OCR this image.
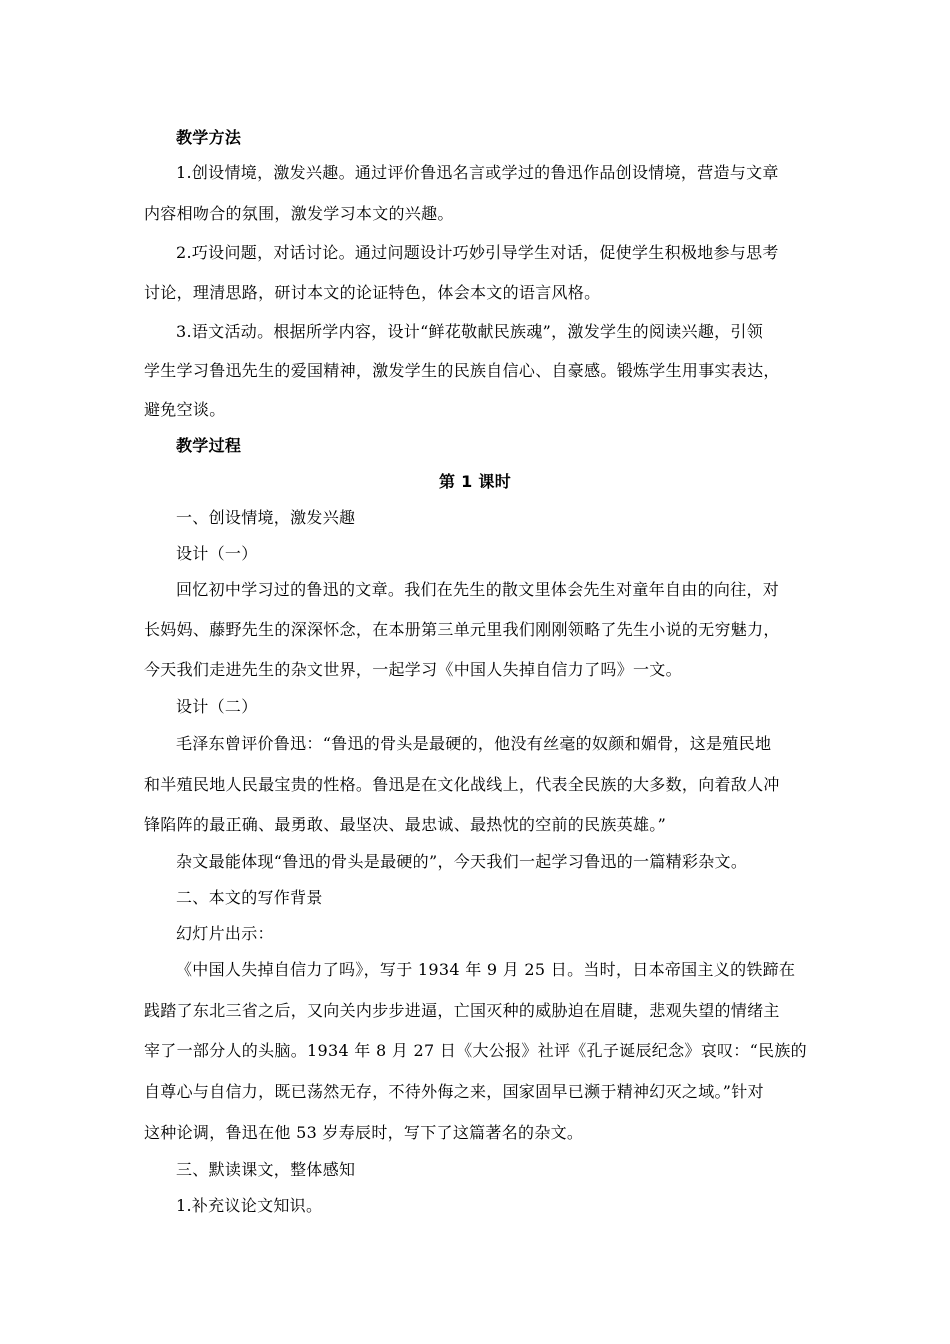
教学方法
1.创设情境，激发兴趣。通过评价鲁迅名言或学过的鲁迅作品创设情境，营造与文章
内容相吻合的氛围，激发学习本文的兴趣。
2.巧设问题，对话讨论。通过问题设计巧妙引导学生对话，促使学生积极地参与思考
讨论，理清思路，研讨本文的论证特色，体会本文的语言风格。
3.语文活动。根据所学内容，设计“鲜花敬献民族魂”，激发学生的阅读兴趣，引领
学生学习鲁迅先生的爱国精神，激发学生的民族自信心、自豪感。锻炼学生用事实表达，
避免空谈。
教学过程
第 1 课时
一、创设情境，激发兴趣
设计（一）
回忆初中学习过的鲁迅的文章。我们在先生的散文里体会先生对童年自由的向往，对
长妈妈、藤野先生的深深怀念，在本册第三单元里我们刚刚领略了先生小说的无穷魅力，
今天我们走进先生的杂文世界，一起学习《中国人失掉自信力了吗》一文。
设计（二）
毛泽东曾评价鲁迅：“鲁迅的骨头是最硬的，他没有丝毫的奴颜和媚骨，这是殖民地
和半殖民地人民最宝贵的性格。鲁迅是在文化战线上，代表全民族的大多数，向着敌人冲
锋陷阵的最正确、最勇敢、最坚决、最忠诚、最热忱的空前的民族英雄。”
杂文最能体现“鲁迅的骨头是最硬的”，今天我们一起学习鲁迅的一篇精彩杂文。
二、本文的写作背景
幻灯片出示：
《中国人失掉自信力了吗》，写于 1934 年 9 月 25 日。当时，日本帝国主义的铁蹄在
践踏了东北三省之后，又向关内步步进逼，亡国灭种的威胁迫在眉睫，悲观失望的情绪主
宰了一部分人的头脑。1934 年 8 月 27 日《大公报》社评《孔子诞辰纪念》哀叹：“民族的
自尊心与自信力，既已荡然无存，不待外侮之来，国家固早已濒于精神幻灭之域。”针对
这种论调，鲁迅在他 53 岁寿辰时，写下了这篇著名的杂文。
三、默读课文，整体感知
1.补充议论文知识。
